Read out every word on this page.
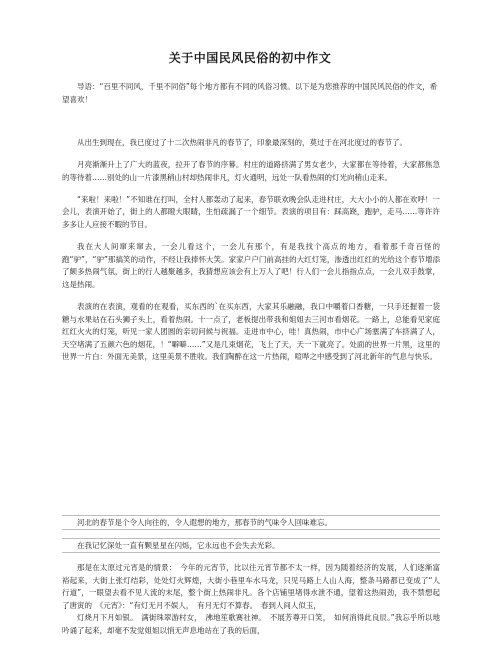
关于中国民风民俗的初中作文

导语：“百里不同风，千里不同俗”每个地方都有不同的风俗习惯。以下是为您推荐的中国民风民俗的作文，希望喜欢！

从出生到现在，我已度过了十二次热闹非凡的春节了，印象最深刻的，莫过于在河北度过的春节了。

月亮渐渐升上了广大的蓝夜，拉开了春节的序幕。村庄的道路挤满了男女老少，大家都在等待着，大家都焦急的等待着……别处的山一片漆黑稍山村却热闹非凡，灯火通明，远处一队看热闹的灯光向稍山走来。

“来啦！来啦！”不知谁在打叫，全村人都轰动了起来，春节联欢晚会队走进村庄，大大小小的人都在欢呼！一会儿，表演开始了，街上的人都瞪大眼睛，生怕疏漏了一个细节。表演的项目有：踩高跷，跑驴，走马……等许许多多让人应接不暇的节目。

我在大人间窜来窜去，一会儿看这个，一会儿有那个，有是我找个高点的地方，看着那千奇百怪的跑“驴”，“驴”那搞笑的动作，不经让我捧怀大笑。家家户户门前高挂的大红灯笼，渗透出红红的光给这个春节增添了颇多热闹气氛，街上的行人越聚越多，我猜想应该会有上万人了吧！行人们一会儿指指点点，一会儿双手鼓掌，这是热闹。

表演的在表演，观看的在观看，买东西的`在买东西，大家其乐融融，我口中嚼着口香糖，一只手还握着一袋糖与水果站在石头狮子头上，看着热闹。十一点了，老板提出带我和姐姐去三河市看烟花。一路上，总能看见家庭红红火火的灯笼，听见一家人团圆的亲切问候与祝福。走进市中心，哇！真热闹，市中心广场塞满了车挤满了人，天空堵满了五颜六色的烟花，！“噼噼……”又是几束烟花，飞上了天，天一下就亮了。处面的世界一片黑，这里的世界一片白：外面无美景，这里美景不胜收。我们陶醉在这一片热闹，喧哗之中感受到了河北新年的气息与快乐。

河北的春节是个令人向往的，令人遐想的地方，那春节的气味令人回味难忘。

在我记忆深处一直有颗星星在闪烁，它永远也不会失去光彩。

那是在太原过元宵是的情景：　今年的元宵节，比以往元宵节都不太一样，因为随着经济的发展，人们逐渐富裕起来，大街上张灯结彩，处处灯火辉煌，大街小巷里车水马龙，只见马路上人山人海，整条马路都已变成了“人行道”，一眼望去看不见人流的末尾，整个街上热闹非凡。各个店铺里堵得水泄不通，望着这热闹劲，我不禁想起了唐寅的　《元宵》：“有灯无月不娱人，　有月无灯不算春。　春到人间人似玉，

灯烧月下月如银。　满街珠翠游村女，　沸地笙歌赛社神。　不展芳尊开口笑，　如何消得此良辰。”我忘乎所以地吟诵了起来，却毫不发觉姐姐以悄无声息地站在了我的后面，
